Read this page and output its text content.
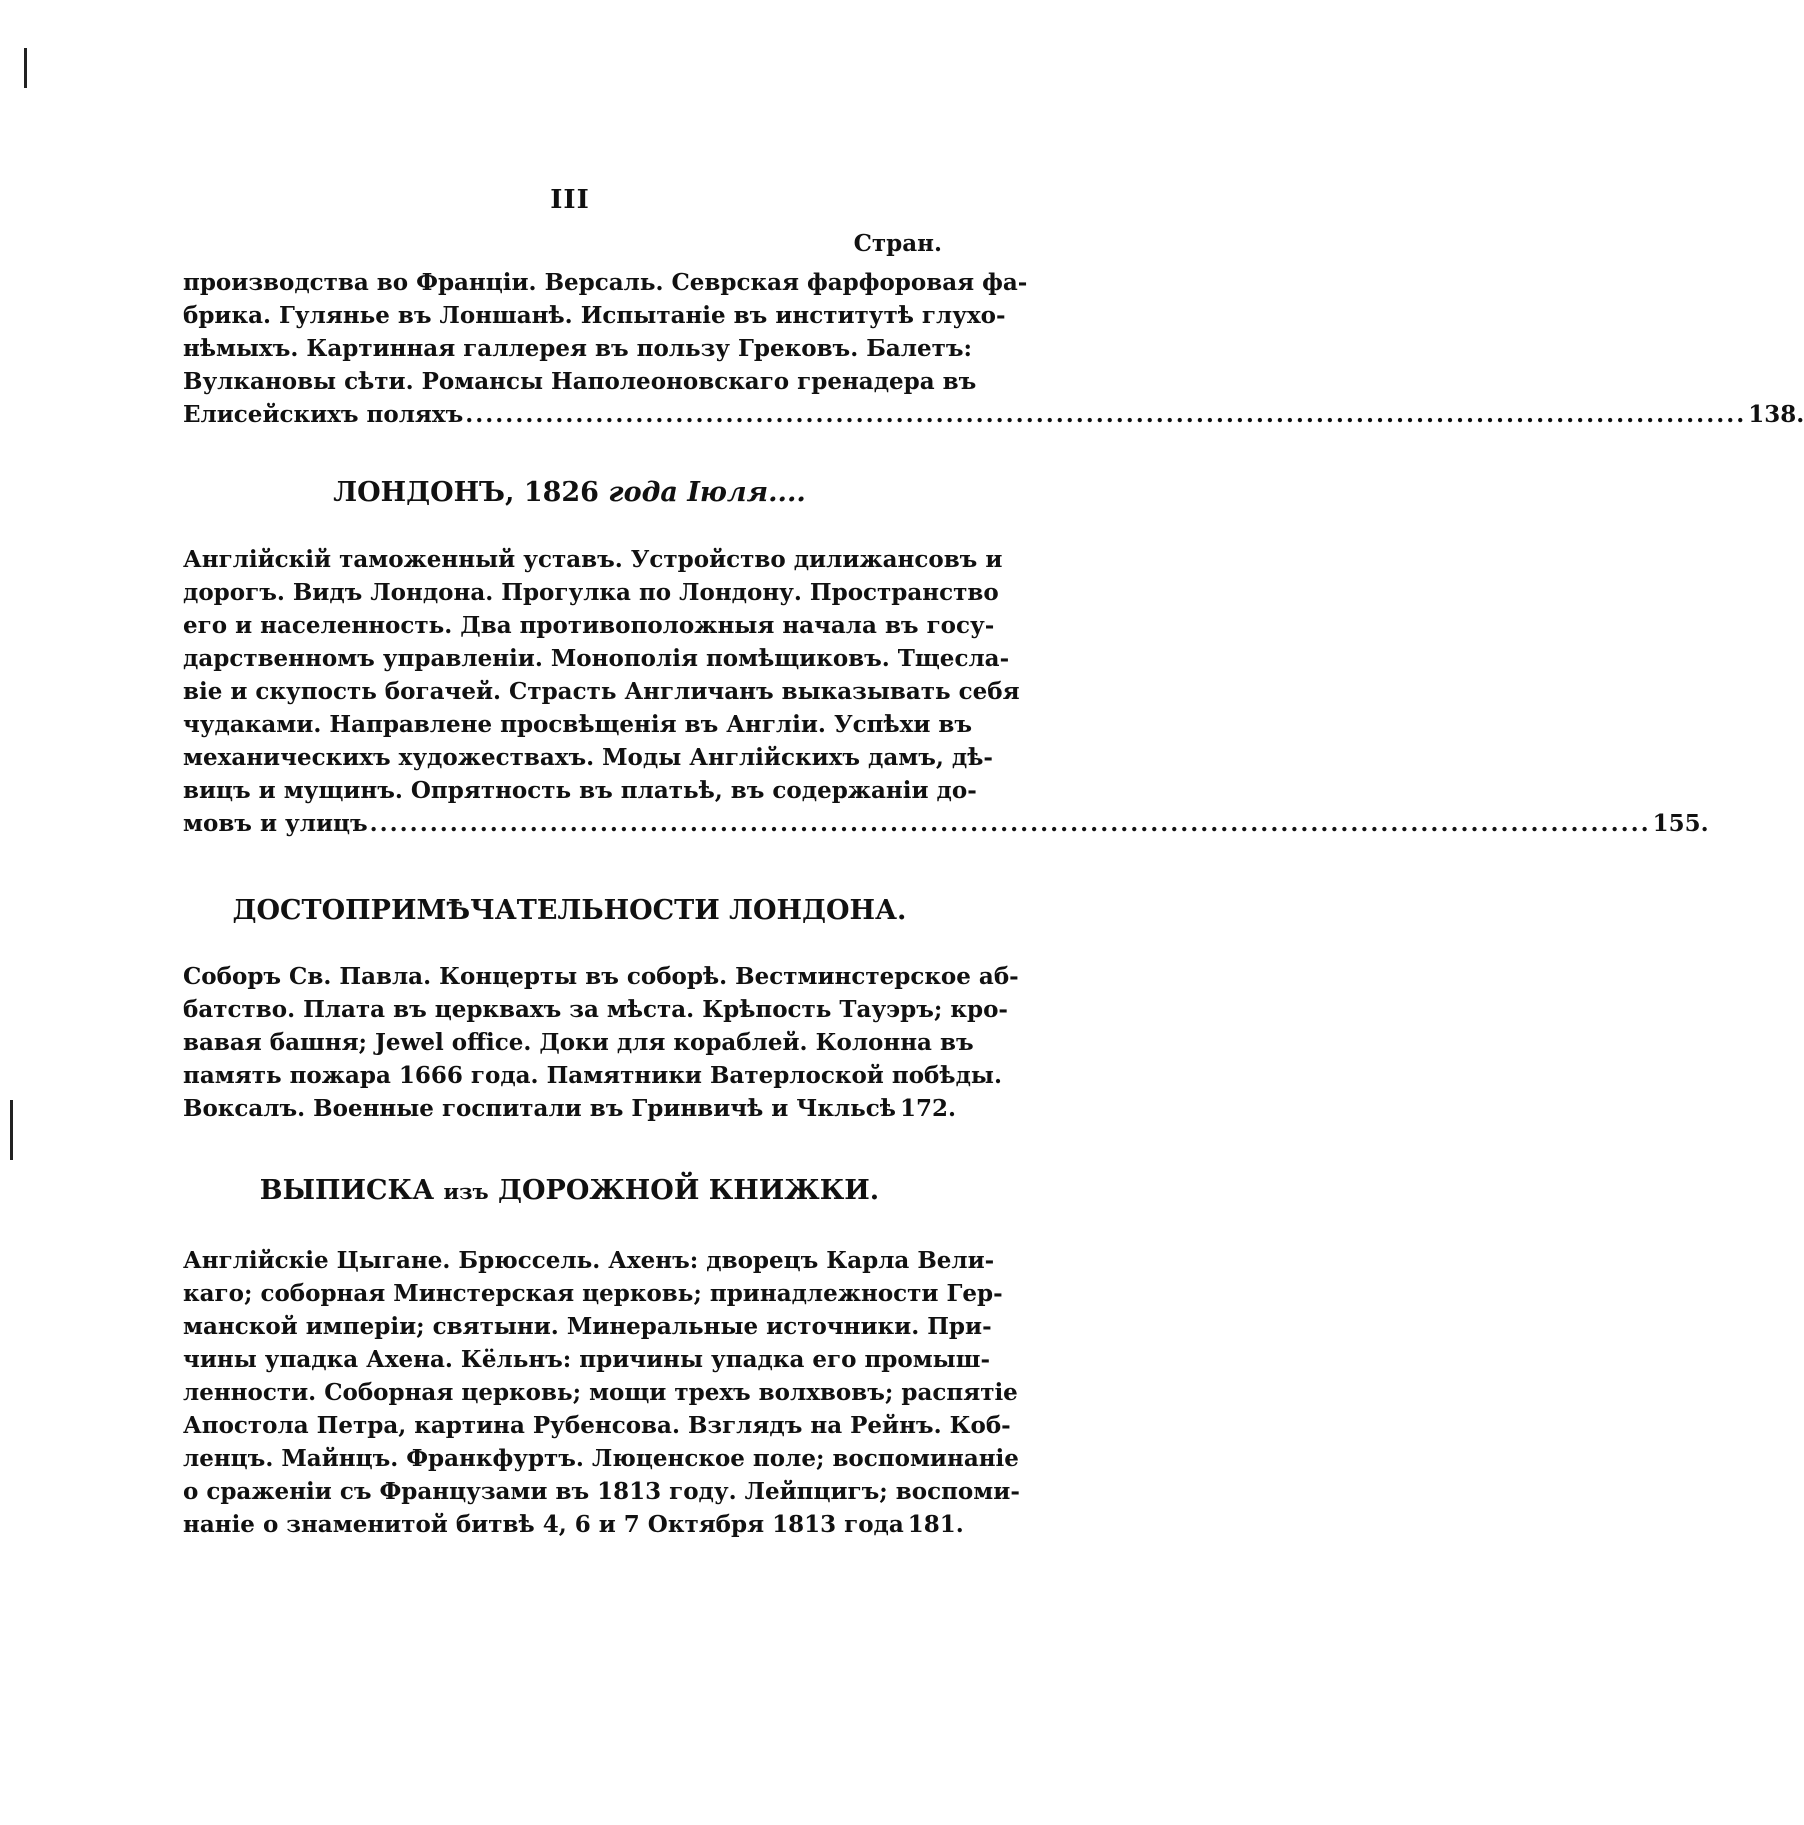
III
Стран.
производства во Франціи. Версаль. Севрская фарфоровая фа-
брика. Гулянье въ Лоншанѣ. Испытаніе въ институтѣ глухо-
нѣмыхъ. Картинная галлерея въ пользу Грековъ. Балетъ:
Вулкановы сѣти. Романсы Наполеоновскаго гренадера въ
Елисейскихъ поляхъ ................................................................................................................................ 138.
ЛОНДОНЪ, 1826 года Іюля....
Англійскій таможенный уставъ. Устройство дилижансовъ и
дорогъ. Видъ Лондона. Прогулка по Лондону. Пространство
его и населенность. Два противоположныя начала въ госу-
дарственномъ управленіи. Монополія помѣщиковъ. Тщесла-
віе и скупость богачей. Страсть Англичанъ выказывать себя
чудаками. Направлене просвѣщенія въ Англіи. Успѣхи въ
механическихъ художествахъ. Моды Англійскихъ дамъ, дѣ-
вицъ и мущинъ. Опрятность въ платьѣ, въ содержаніи до-
мовъ и улицъ ................................................................................................................................ 155.
ДОСТОПРИМѢЧАТЕЛЬНОСТИ ЛОНДОНА.
Соборъ Св. Павла. Концерты въ соборѣ. Вестминстерское аб-
батство. Плата въ церквахъ за мѣста. Крѣпость Тауэръ; кро-
вавая башня; Jewel office. Доки для кораблей. Колонна въ
память пожара 1666 года. Памятники Ватерлоской побѣды.
Воксалъ. Военные госпитали въ Гринвичѣ и Чкльсѣ 172.
ВЫПИСКА изъ ДОРОЖНОЙ КНИЖКИ.
Англійскіе Цыгане. Брюссель. Ахенъ: дворецъ Карла Вели-
каго; соборная Минстерская церковь; принадлежности Гер-
манской имперіи; святыни. Минеральные источники. При-
чины упадка Ахена. Кёльнъ: причины упадка его промыш-
ленности. Соборная церковь; мощи трехъ волхвовъ; распятіе
Апостола Петра, картина Рубенсова. Взглядъ на Рейнъ. Коб-
ленцъ. Майнцъ. Франкфуртъ. Люценское поле; воспоминаніе
о сраженіи съ Французами въ 1813 году. Лейпцигъ; воспоми-
наніе о знаменитой битвѣ 4, 6 и 7 Октября 1813 года 181.
